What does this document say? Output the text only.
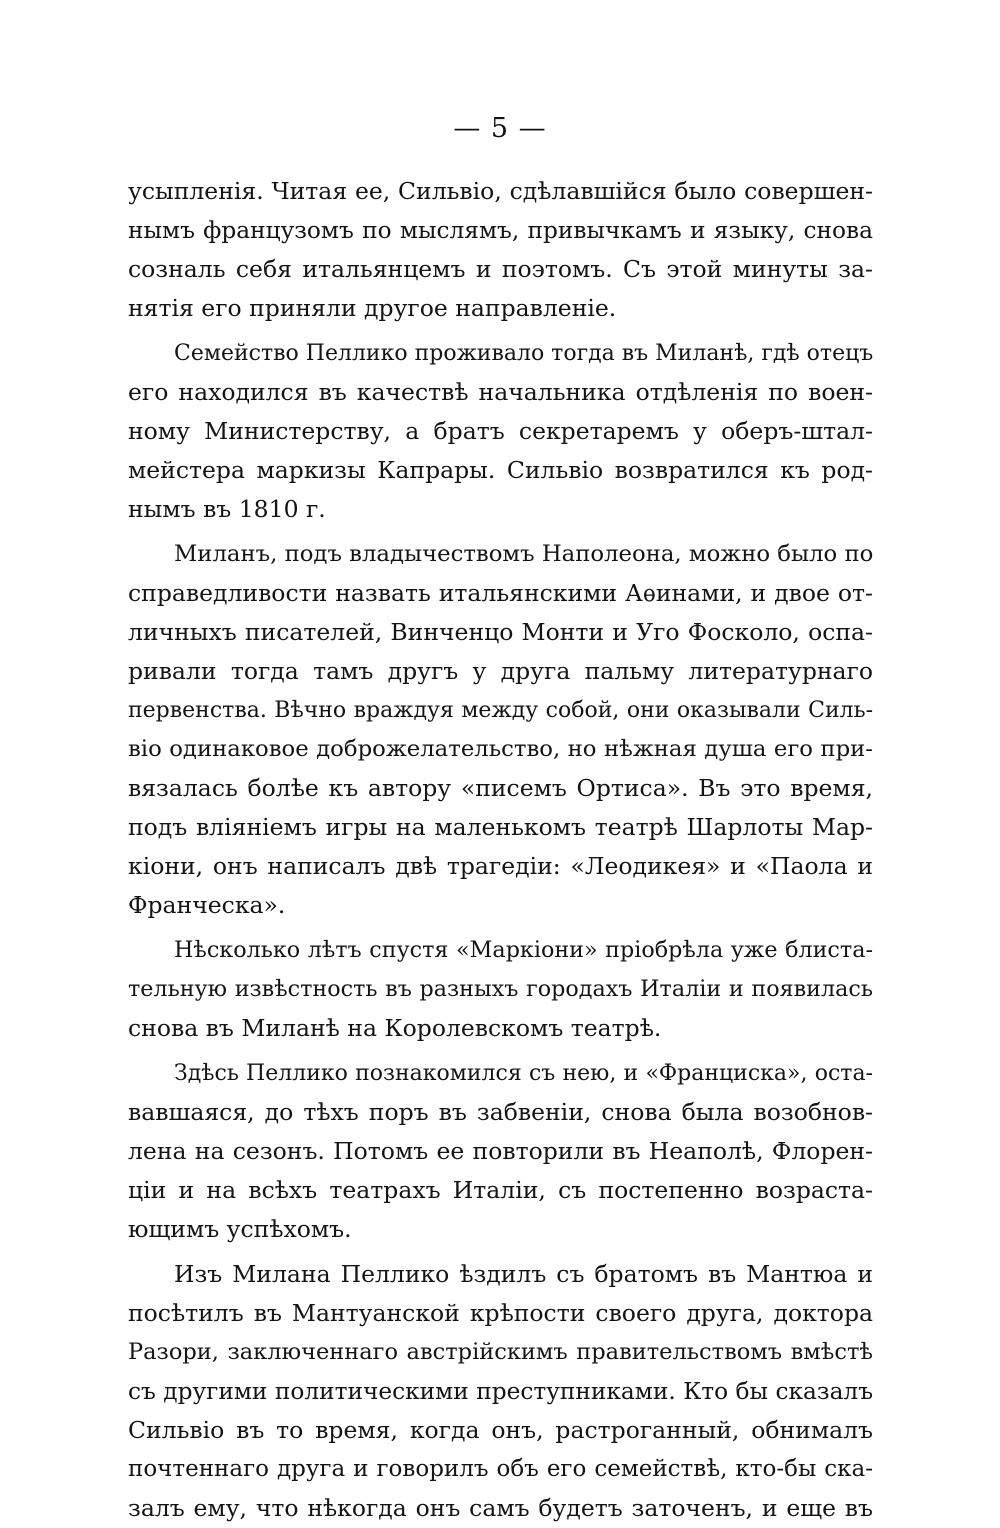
— 5 —
усыпленія. Читая ее, Сильвіо, сдѣлавшійся было совершен-
нымъ французомъ по мыслямъ, привычкамъ и языку, снова
созналь себя итальянцемъ и поэтомъ. Съ этой минуты за-
нятія его приняли другое направленіе.
Семейство Пеллико проживало тогда въ Миланѣ, гдѣ отецъ
его находился въ качествѣ начальника отдѣленія по воен-
ному Министерству, а братъ секретаремъ у оберъ-штал-
мейстера маркизы Капрары. Сильвіо возвратился къ род-
нымъ въ 1810 г.
Миланъ, подъ владычествомъ Наполеона, можно было по
справедливости назвать итальянскими Аѳинами, и двое от-
личныхъ писателей, Винченцо Монти и Уго Фосколо, оспа-
ривали тогда тамъ другъ у друга пальму литературнаго
первенства. Вѣчно враждуя между собой, они оказывали Силь-
віо одинаковое доброжелательство, но нѣжная душа его при-
вязалась болѣе къ автору «писемъ Ортиса». Въ это время,
подъ вліяніемъ игры на маленькомъ театрѣ Шарлоты Мар-
кіони, онъ написалъ двѣ трагедіи: «Леодикея» и «Паола и
Франческа».
Нѣсколько лѣтъ спустя «Маркіони» пріобрѣла уже блиста-
тельную извѣстность въ разныхъ городахъ Италіи и появилась
снова въ Миланѣ на Королевскомъ театрѣ.
Здѣсь Пеллико познакомился съ нею, и «Франциска», оста-
вавшаяся, до тѣхъ поръ въ забвеніи, снова была возобнов-
лена на сезонъ. Потомъ ее повторили въ Неаполѣ, Флорен-
ціи и на всѣхъ театрахъ Италіи, съ постепенно возраста-
ющимъ успѣхомъ.
Изъ Милана Пеллико ѣздилъ съ братомъ въ Мантюа и
посѣтилъ въ Мантуанской крѣпости своего друга, доктора
Разори, заключеннаго австрійскимъ правительствомъ вмѣстѣ
съ другими политическими преступниками. Кто бы сказалъ
Сильвіо въ то время, когда онъ, растроганный, обнималъ
почтеннаго друга и говорилъ объ его семействѣ, кто-бы ска-
залъ ему, что нѣкогда онъ самъ будетъ заточенъ, и еще въ
